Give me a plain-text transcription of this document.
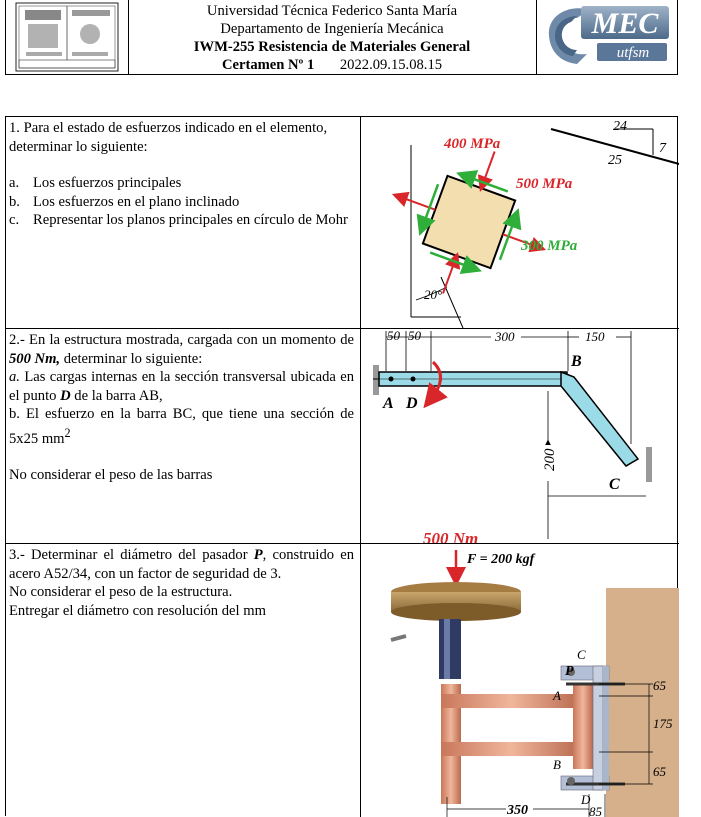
Universidad Técnica Federico Santa María
Departamento de Ingeniería Mecánica
IWM-255 Resistencia de Materiales General
Certamen Nº 1 2022.09.15.08.15
MEC
utfsm
1. Para el estado de esfuerzos indicado en el elemento, determinar lo siguiente:
a. Los esfuerzos principales
b. Los esfuerzos en el plano inclinado
c. Representar los planos principales en círculo de Mohr
20°
400 MPa
500 MPa
300 MPa
24
7
25
2.- En la estructura mostrada, cargada con un momento de 500 Nm, determinar lo siguiente:
a. Las cargas internas en la sección transversal ubicada en el punto D de la barra AB,
b. El esfuerzo en la barra BC, que tiene una sección de 5x25 $mm^2$
No considerar el peso de las barras
50 50	300	150
200
500 Nm
A D
B
C
3.- Determinar el diámetro del pasador P, construido en acero A52/34, con un factor de seguridad de 3.
No considerar el peso de la estructura.
Entregar el diámetro con resolución del mm
F = 200 kgf
65
175
65
350	85
C
P
A
B
D
